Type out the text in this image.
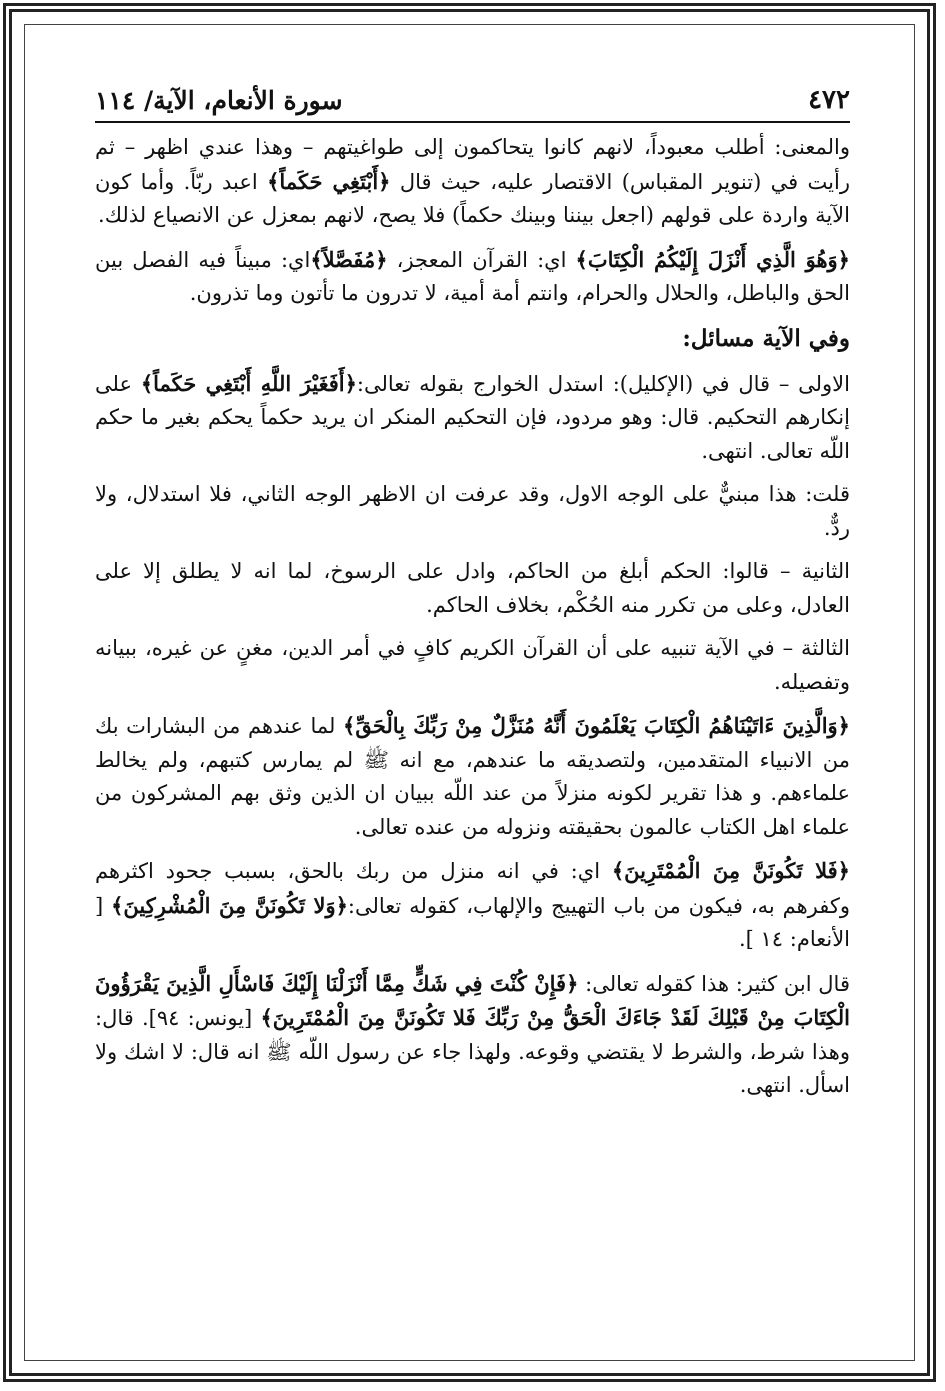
٤٧٢
سورة الأنعام، الآية/ ١١٤

والمعنى: أطلب معبوداً، لانهم كانوا يتحاكمون إلى طواغيتهم – وهذا عندي اظهر – ثم رأيت في (تنوير المقباس) الاقتصار عليه، حيث قال ﴿أَبْتَغِي حَكَماً﴾ اعبد ربّاً. وأما كون الآية واردة على قولهم (اجعل بيننا وبينك حكماً) فلا يصح، لانهم بمعزل عن الانصياع لذلك.

﴿وَهُوَ الَّذِي أَنْزَلَ إِلَيْكُمُ الْكِتَابَ﴾ اي: القرآن المعجز، ﴿مُفَصَّلاً﴾اي: مبيناً فيه الفصل بين الحق والباطل، والحلال والحرام، وانتم أمة أمية، لا تدرون ما تأتون وما تذرون.

وفي الآية مسائل:

الاولى – قال في (الإكليل): استدل الخوارج بقوله تعالى:﴿أَفَغَيْرَ اللَّهِ أَبْتَغِي حَكَماً﴾ على إنكارهم التحكيم. قال: وهو مردود، فإن التحكيم المنكر ان يريد حكماً يحكم بغير ما حكم اللّه تعالى. انتهى.

قلت: هذا مبنيٌّ على الوجه الاول، وقد عرفت ان الاظهر الوجه الثاني، فلا استدلال، ولا ردٌّ.

الثانية – قالوا: الحكم أبلغ من الحاكم، وادل على الرسوخ، لما انه لا يطلق إلا على العادل، وعلى من تكرر منه الحُكْم، بخلاف الحاكم.

الثالثة – في الآية تنبيه على أن القرآن الكريم كافٍ في أمر الدين، مغنٍ عن غيره، ببيانه وتفصيله.

﴿وَالَّذِينَ ءَاتَيْنَاهُمُ الْكِتَابَ يَعْلَمُونَ أَنَّهُ مُنَزَّلٌ مِنْ رَبِّكَ بِالْحَقِّ﴾ لما عندهم من البشارات بك من الانبياء المتقدمين، ولتصديقه ما عندهم، مع انه ﷺ لم يمارس كتبهم، ولم يخالط علماءهم. و هذا تقرير لكونه منزلاً من عند اللّه ببيان ان الذين وثق بهم المشركون من علماء اهل الكتاب عالمون بحقيقته ونزوله من عنده تعالى.

﴿فَلا تَكُونَنَّ مِنَ الْمُمْتَرِينَ﴾ اي: في انه منزل من ربك بالحق، بسبب جحود اكثرهم وكفرهم به، فيكون من باب التهييج والإلهاب، كقوله تعالى:﴿وَلا تَكُونَنَّ مِنَ الْمُشْرِكِينَ﴾ [ الأنعام: ١٤ ].

قال ابن كثير: هذا كقوله تعالى: ﴿فَإِنْ كُنْتَ فِي شَكٍّ مِمَّا أَنْزَلْنَا إِلَيْكَ فَاسْأَلِ الَّذِينَ يَقْرَؤُونَ الْكِتَابَ مِنْ قَبْلِكَ لَقَدْ جَاءَكَ الْحَقُّ مِنْ رَبِّكَ فَلا تَكُونَنَّ مِنَ الْمُمْتَرِينَ﴾ [يونس: ٩٤]. قال: وهذا شرط، والشرط لا يقتضي وقوعه. ولهذا جاء عن رسول اللّه ﷺ انه قال: لا اشك ولا اسأل. انتهى.
